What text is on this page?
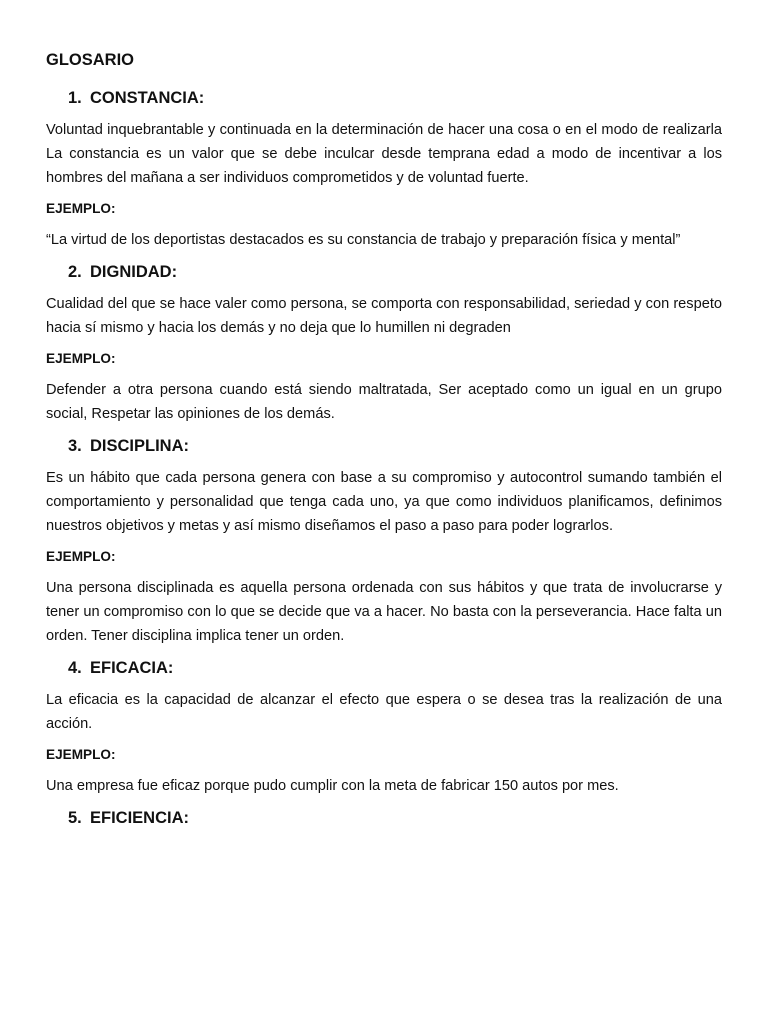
GLOSARIO
1. CONSTANCIA:

Voluntad inquebrantable y continuada en la determinación de hacer una cosa o en el modo de realizarla La constancia es un valor que se debe inculcar desde temprana edad a modo de incentivar a los hombres del mañana a ser individuos comprometidos y de voluntad fuerte.

EJEMPLO:

“La virtud de los deportistas destacados es su constancia de trabajo y preparación física y mental”

2. DIGNIDAD:

Cualidad del que se hace valer como persona, se comporta con responsabilidad, seriedad y con respeto hacia sí mismo y hacia los demás y no deja que lo humillen ni degraden

EJEMPLO:

Defender a otra persona cuando está siendo maltratada, Ser aceptado como un igual en un grupo social, Respetar las opiniones de los demás.

3. DISCIPLINA:

Es un hábito que cada persona genera con base a su compromiso y autocontrol sumando también el comportamiento y personalidad que tenga cada uno, ya que como individuos planificamos, definimos nuestros objetivos y metas y así mismo diseñamos el paso a paso para poder lograrlos.

EJEMPLO:

Una persona disciplinada es aquella persona ordenada con sus hábitos y que trata de involucrarse y tener un compromiso con lo que se decide que va a hacer. No basta con la perseverancia. Hace falta un orden. Tener disciplina implica tener un orden.

4. EFICACIA:

La eficacia es la capacidad de alcanzar el efecto que espera o se desea tras la realización de una acción.

EJEMPLO:

Una empresa fue eficaz porque pudo cumplir con la meta de fabricar 150 autos por mes.

5. EFICIENCIA:
